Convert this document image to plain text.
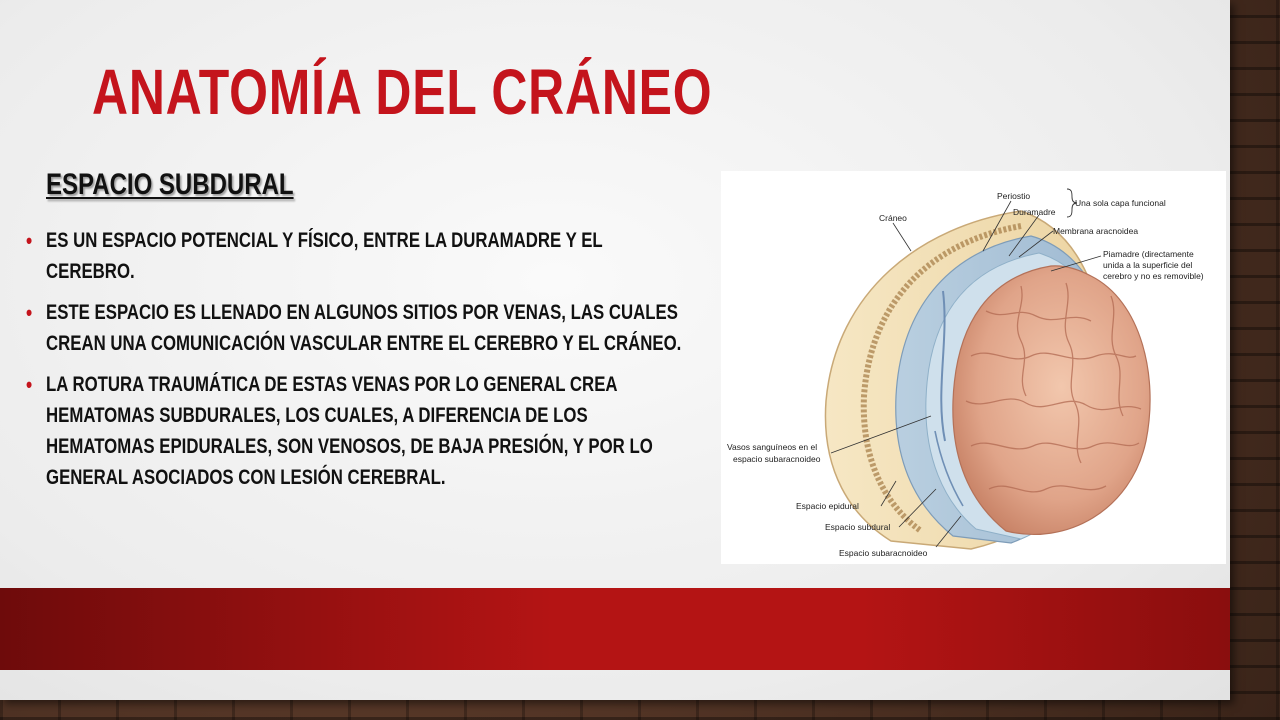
ANATOMÍA DEL CRÁNEO
ESPACIO SUBDURAL
• ES UN ESPACIO POTENCIAL Y FÍSICO, ENTRE LA DURAMADRE Y EL CEREBRO.
• ESTE ESPACIO ES LLENADO EN ALGUNOS SITIOS POR VENAS, LAS CUALES CREAN UNA COMUNICACIÓN VASCULAR ENTRE EL CEREBRO Y EL CRÁNEO.
• LA ROTURA TRAUMÁTICA DE ESTAS VENAS POR LO GENERAL CREA HEMATOMAS SUBDURALES, LOS CUALES, A DIFERENCIA DE LOS HEMATOMAS EPIDURALES, SON VENOSOS, DE BAJA PRESIÓN, Y POR LO GENERAL ASOCIADOS CON LESIÓN CEREBRAL.
Cráneo
Periostio
Duramadre
Una sola capa funcional
Membrana aracnoidea
Piamadre (directamente
unida a la superficie del
cerebro y no es removible)
Vasos sanguíneos en el
espacio subaracnoideo
Espacio epidural
Espacio subdural
Espacio subaracnoideo
